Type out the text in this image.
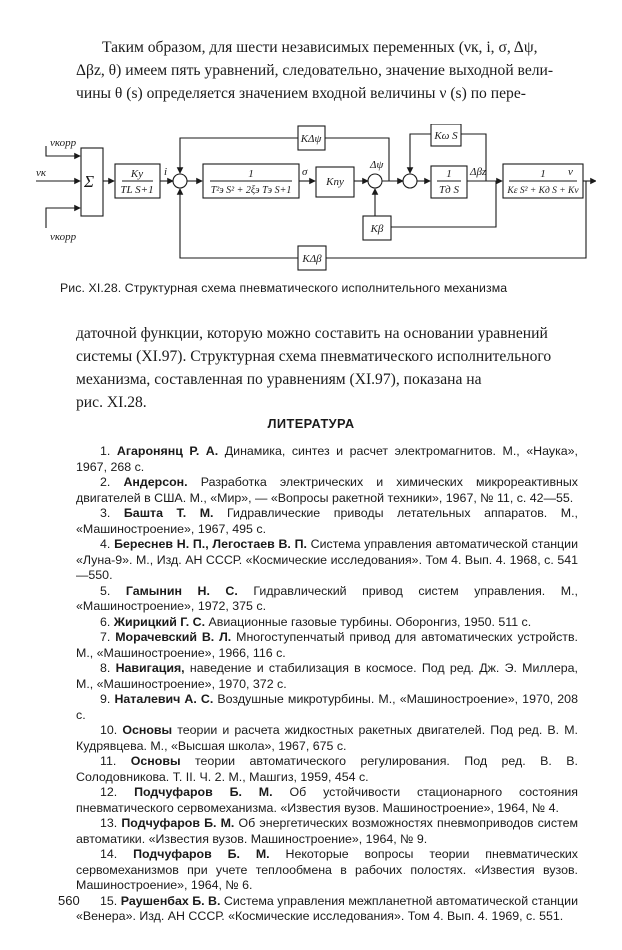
Таким образом, для шести независимых переменных (νк, i, σ, Δψ,
Δβz, θ) имеем пять уравнений, следовательно, значение выходной вели-
чины θ (s) определяется значением входной величины ν (s) по пере-
νкорр
νк
νкорр
Σ	Kу
TL S+1
i	1
T²э S² + 2ξэ Tэ S+1
σ
Kпу
Δψ
1
Tд S
Δβz	1
Kε S² + Kд S + Kν
v
KΔψ	Kω S
Kβ
KΔβ
Рис. XI.28. Структурная схема пневматического исполнительного механизма
даточной функции, которую можно составить на основании уравнений
системы (XI.97). Структурная схема пневматического исполнительного
механизма, составленная по уравнениям (XI.97), показана на
рис. XI.28.
ЛИТЕРАТУРА
1. Агаронянц Р. А. Динамика, синтез и расчет электромагнитов. М., «Наука», 1967, 268 с.
2. Андерсон. Разработка электрических и химических микрореактивных двигателей в США. М., «Мир», — «Вопросы ракетной техники», 1967, № 11, с. 42—55.
3. Башта Т. М. Гидравлические приводы летательных аппаратов. М., «Машиностроение», 1967, 495 с.
4. Береснев Н. П., Легостаев В. П. Система управления автоматической станции «Луна-9». М., Изд. АН СССР. «Космические исследования». Том 4. Вып. 4. 1968, с. 541—550.
5. Гамынин Н. С. Гидравлический привод систем управления. М., «Машиностроение», 1972, 375 с.
6. Жирицкий Г. С. Авиационные газовые турбины. Оборонгиз, 1950. 511 с.
7. Морачевский В. Л. Многоступенчатый привод для автоматических устройств. М., «Машиностроение», 1966, 116 с.
8. Навигация, наведение и стабилизация в космосе. Под ред. Дж. Э. Миллера, М., «Машиностроение», 1970, 372 с.
9. Наталевич А. С. Воздушные микротурбины. М., «Машиностроение», 1970, 208 с.
10. Основы теории и расчета жидкостных ракетных двигателей. Под ред. В. М. Кудрявцева. М., «Высшая школа», 1967, 675 с.
11. Основы теории автоматического регулирования. Под ред. В. В. Солодовникова. Т. II. Ч. 2. М., Машгиз, 1959, 454 с.
12. Подчуфаров Б. М. Об устойчивости стационарного состояния пневматического сервомеханизма. «Известия вузов. Машиностроение», 1964, № 4.
13. Подчуфаров Б. М. Об энергетических возможностях пневмоприводов систем автоматики. «Известия вузов. Машиностроение», 1964, № 9.
14. Подчуфаров Б. М. Некоторые вопросы теории пневматических сервомеханизмов при учете теплообмена в рабочих полостях. «Известия вузов. Машиностроение», 1964, № 6.
15. Раушенбах Б. В. Система управления межпланетной автоматической станции «Венера». Изд. АН СССР. «Космические исследования». Том 4. Вып. 4. 1969, с. 551.
560
